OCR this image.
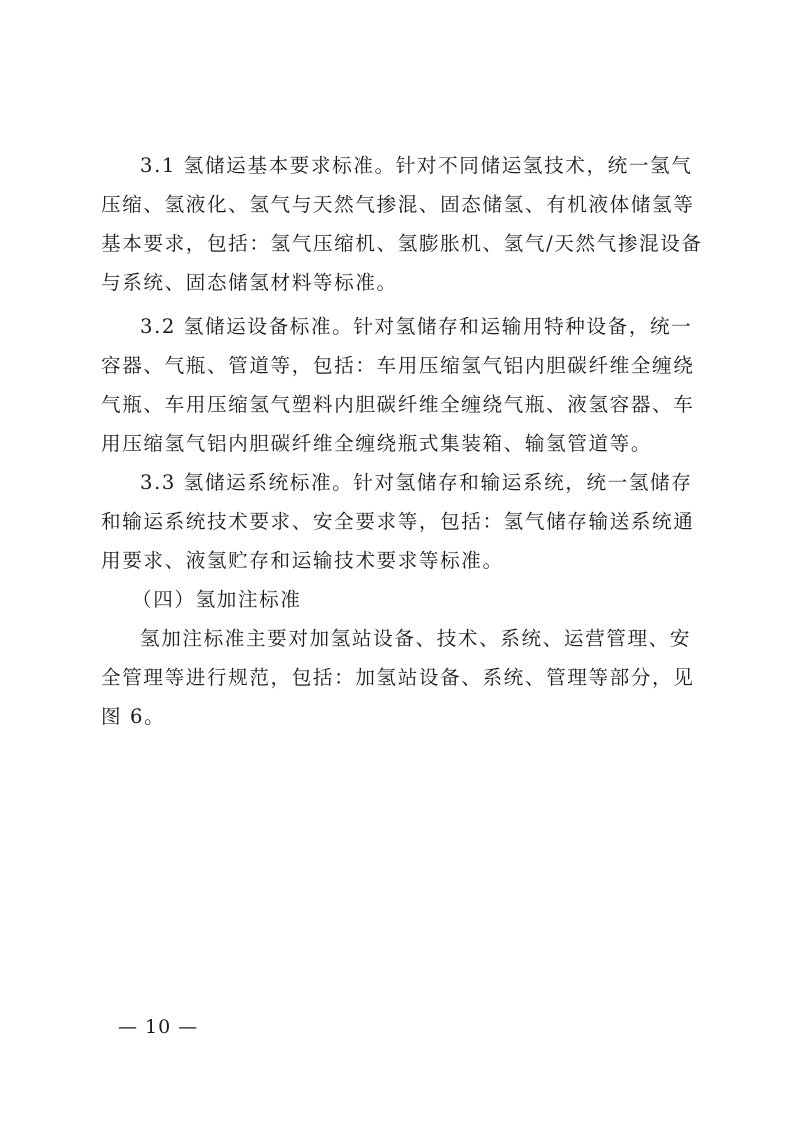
3.1 氢储运基本要求标准。针对不同储运氢技术，统一氢气
压缩、氢液化、氢气与天然气掺混、固态储氢、有机液体储氢等
基本要求，包括：氢气压缩机、氢膨胀机、氢气/天然气掺混设备
与系统、固态储氢材料等标准。
3.2 氢储运设备标准。针对氢储存和运输用特种设备，统一
容器、气瓶、管道等，包括：车用压缩氢气铝内胆碳纤维全缠绕
气瓶、车用压缩氢气塑料内胆碳纤维全缠绕气瓶、液氢容器、车
用压缩氢气铝内胆碳纤维全缠绕瓶式集装箱、输氢管道等。
3.3 氢储运系统标准。针对氢储存和输运系统，统一氢储存
和输运系统技术要求、安全要求等，包括：氢气储存输送系统通
用要求、液氢贮存和运输技术要求等标准。
（四）氢加注标准
氢加注标准主要对加氢站设备、技术、系统、运营管理、安
全管理等进行规范，包括：加氢站设备、系统、管理等部分，见
图 6。
— 10 —
